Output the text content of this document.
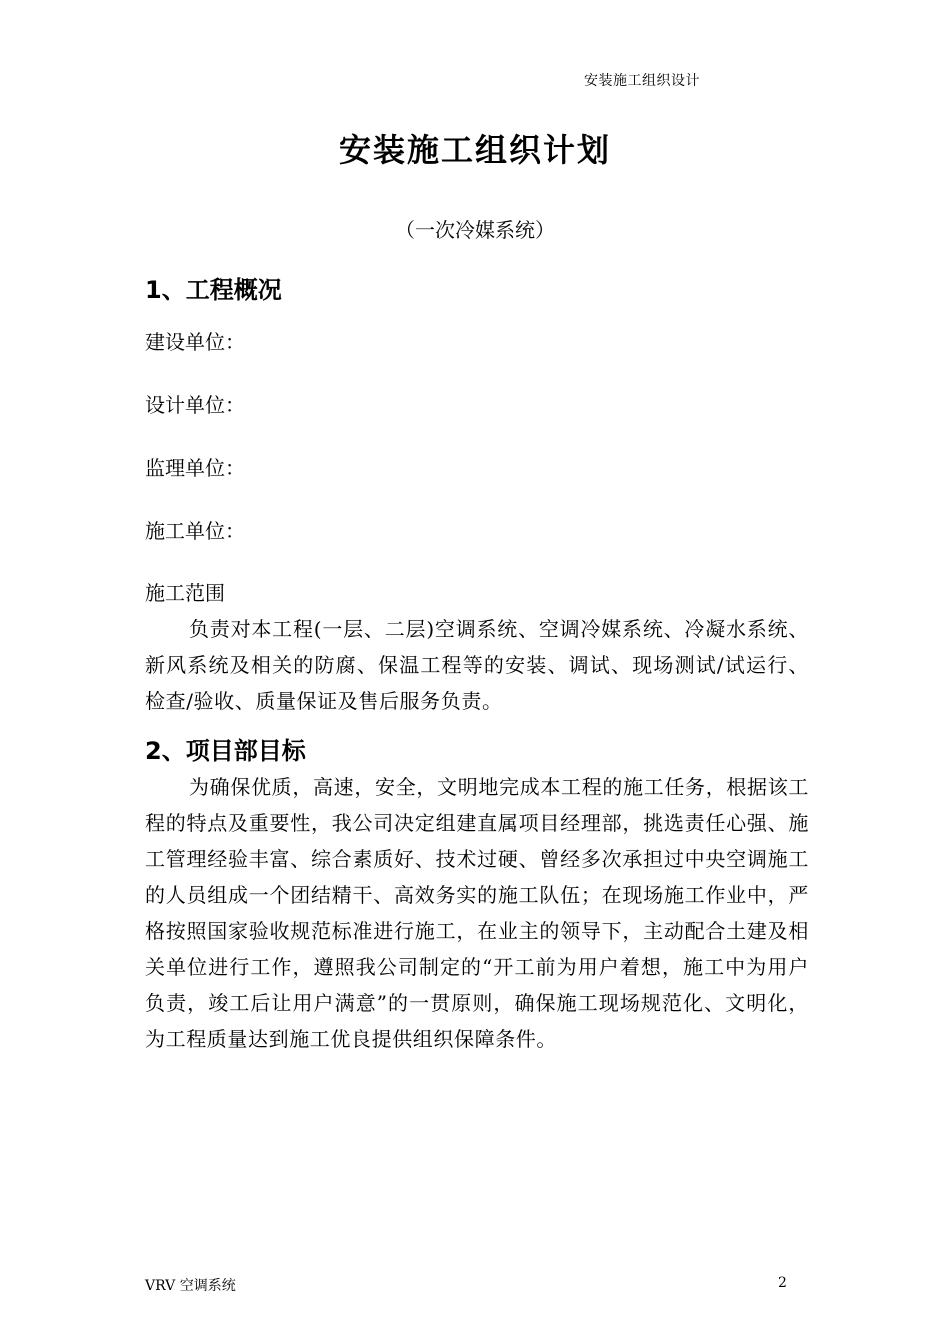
安装施工组织设计
安装施工组织计划
（一次冷媒系统）
1、工程概况

建设单位：

设计单位：

监理单位：

施工单位：

施工范围

负责对本工程(一层、二层)空调系统、空调冷媒系统、冷凝水系统、新风系统及相关的防腐、保温工程等的安装、调试、现场测试/试运行、检查/验收、质量保证及售后服务负责。

2、项目部目标

为确保优质，高速，安全，文明地完成本工程的施工任务，根据该工程的特点及重要性，我公司决定组建直属项目经理部，挑选责任心强、施工管理经验丰富、综合素质好、技术过硬、曾经多次承担过中央空调施工的人员组成一个团结精干、高效务实的施工队伍；在现场施工作业中，严格按照国家验收规范标准进行施工，在业主的领导下，主动配合土建及相关单位进行工作，遵照我公司制定的“开工前为用户着想，施工中为用户负责，竣工后让用户满意”的一贯原则，确保施工现场规范化、文明化，为工程质量达到施工优良提供组织保障条件。

VRV 空调系统	2
